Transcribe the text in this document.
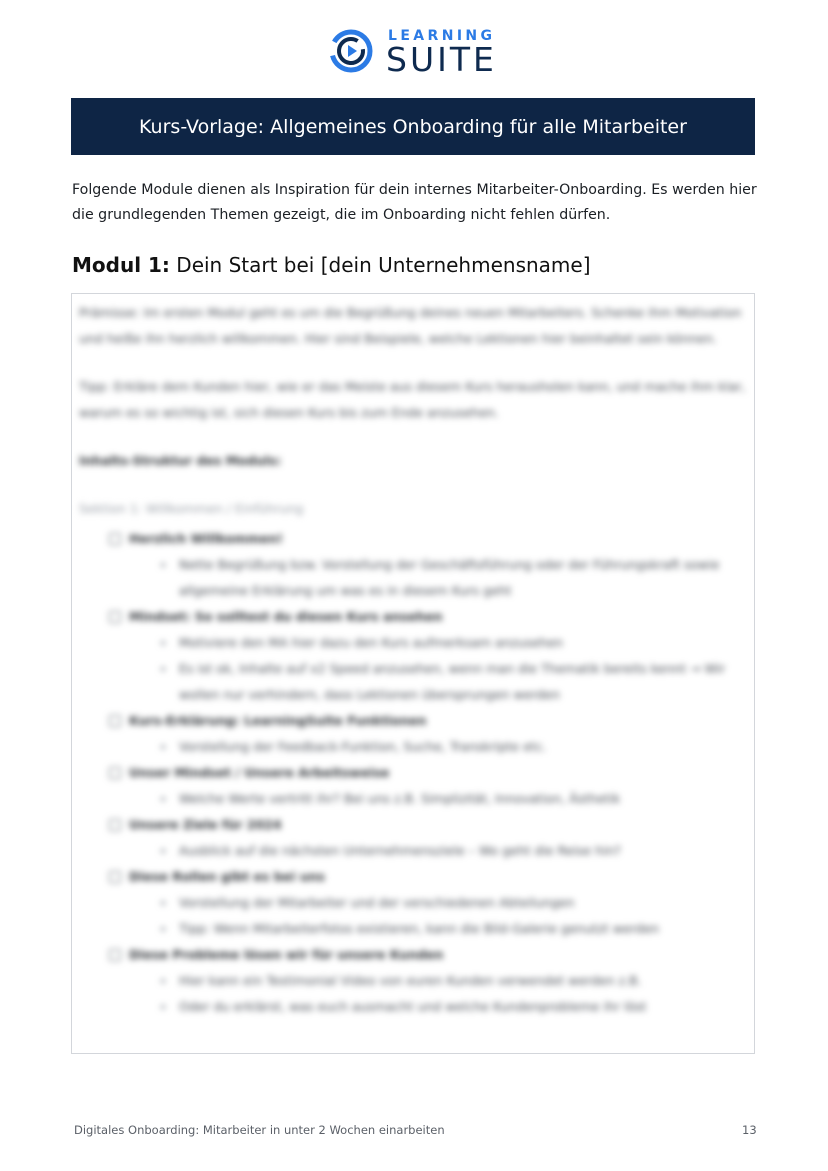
LEARNING
SUITE
Kurs-Vorlage: Allgemeines Onboarding für alle Mitarbeiter
Folgende Module dienen als Inspiration für dein internes Mitarbeiter-Onboarding. Es werden hier die grundlegenden Themen gezeigt, die im Onboarding nicht fehlen dürfen.
Modul 1: Dein Start bei [dein Unternehmensname]

Prämisse: Im ersten Modul geht es um die Begrüßung deines neuen Mitarbeiters. Schenke ihm Motivation und heiße ihn herzlich willkommen. Hier sind Beispiele, welche Lektionen hier beinhaltet sein können.

Tipp: Erkläre dem Kunden hier, wie er das Meiste aus diesem Kurs herausholen kann, und mache ihm klar, warum es so wichtig ist, sich diesen Kurs bis zum Ende anzusehen.

Inhalts-Struktur des Moduls:

Sektion 1: Willkommen / Einführung

Herzlich Willkommen!
Nette Begrüßung bzw. Vorstellung der Geschäftsführung oder der Führungskraft sowie allgemeine Erklärung um was es in diesem Kurs geht
Mindset: So solltest du diesen Kurs ansehen
Motiviere den MA hier dazu den Kurs aufmerksam anzusehen
Es ist ok, Inhalte auf x2 Speed anzusehen, wenn man die Thematik bereits kennt → Wir wollen nur verhindern, dass Lektionen übersprungen werden
Kurs-Erklärung: LearningSuite Funktionen
Vorstellung der Feedback-Funktion, Suche, Transkripte etc.
Unser Mindset / Unsere Arbeitsweise
Welche Werte vertritt ihr? Bei uns z.B. Simplizität, Innovation, Ästhetik
Unsere Ziele für 2024
Ausblick auf die nächsten Unternehmensziele – Wo geht die Reise hin?
Diese Rollen gibt es bei uns
Vorstellung der Mitarbeiter und der verschiedenen Abteilungen
Tipp: Wenn Mitarbeiterfotos existieren, kann die Bild-Galerie genutzt werden
Diese Probleme lösen wir für unsere Kunden
Hier kann ein Testimonial Video von euren Kunden verwendet werden z.B.
Oder du erklärst, was euch ausmacht und welche Kundenprobleme ihr löst
Digitales Onboarding: Mitarbeiter in unter 2 Wochen einarbeiten	13
